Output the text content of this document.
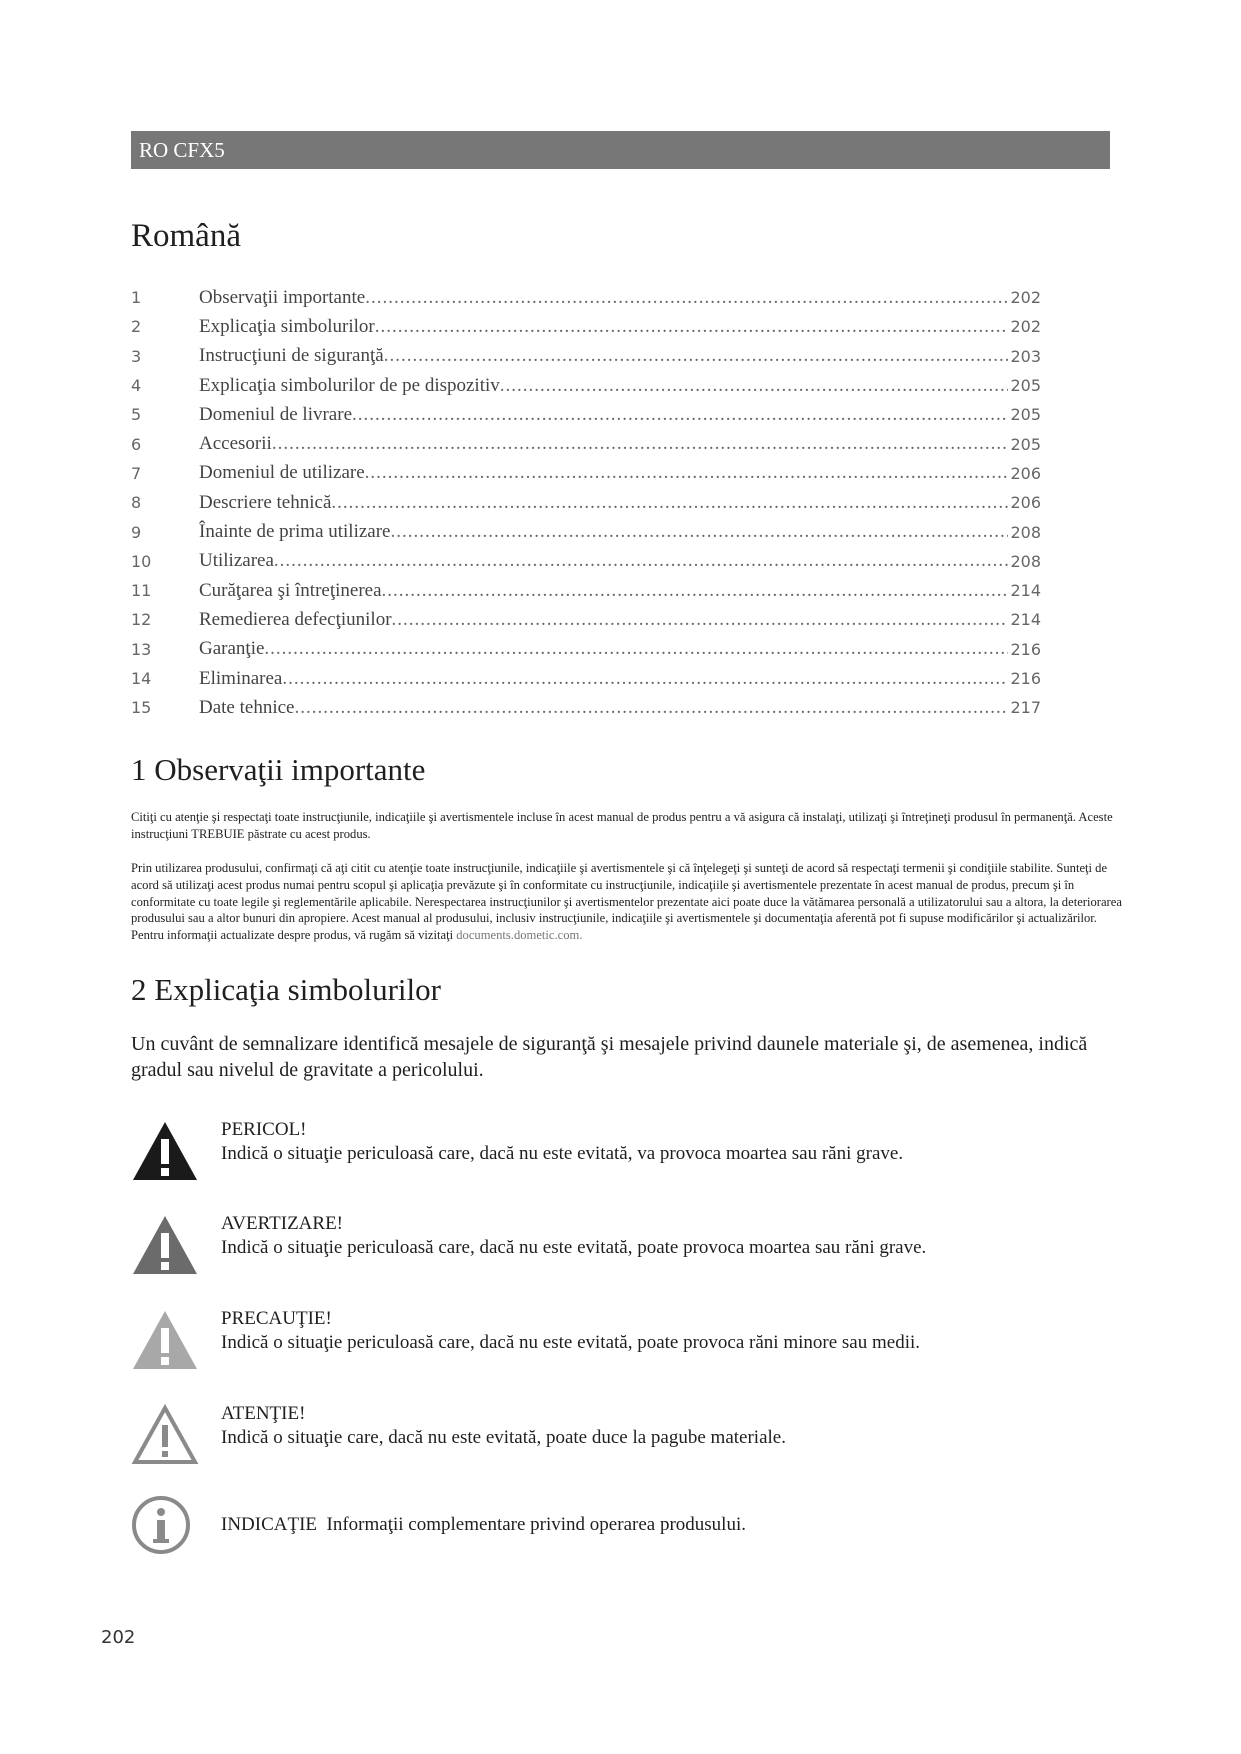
RO CFX5
Română
1	Observaţii importante .....	202
2	Explicaţia simbolurilor .....	202
3	Instrucţiuni de siguranţă .....	203
4	Explicaţia simbolurilor de pe dispozitiv .....	205
5	Domeniul de livrare .....	205
6	Accesorii .....	205
7	Domeniul de utilizare .....	206
8	Descriere tehnică .....	206
9	Înainte de prima utilizare .....	208
10	Utilizarea .....	208
11	Curăţarea şi întreţinerea .....	214
12	Remedierea defecţiunilor .....	214
13	Garanţie .....	216
14	Eliminarea .....	216
15	Date tehnice .....	217
1 Observaţii importante

Citiţi cu atenţie şi respectaţi toate instrucţiunile, indicaţiile şi avertismentele incluse în acest manual de produs pentru a vă asigura că instalaţi, utilizaţi şi întreţineţi produsul în permanenţă. Aceste instrucţiuni TREBUIE păstrate cu acest produs.

Prin utilizarea produsului, confirmaţi că aţi citit cu atenţie toate instrucţiunile, indicaţiile şi avertismentele şi că înţelegeţi şi sunteţi de acord să respectaţi termenii şi condiţiile stabilite. Sunteţi de acord să utilizaţi acest produs numai pentru scopul şi aplicaţia prevăzute şi în conformitate cu instrucţiunile, indicaţiile şi avertismentele prezentate în acest manual de produs, precum şi în conformitate cu toate legile şi reglementările aplicabile. Nerespectarea instrucţiunilor şi avertismentelor prezentate aici poate duce la vătămarea personală a utilizatorului sau a altora, la deteriorarea produsului sau a altor bunuri din apropiere. Acest manual al produsului, inclusiv instrucţiunile, indicaţiile şi avertismentele şi documentaţia aferentă pot fi supuse modificărilor şi actualizărilor. Pentru informaţii actualizate despre produs, vă rugăm să vizitaţi documents.dometic.com.

2 Explicaţia simbolurilor

Un cuvânt de semnalizare identifică mesajele de siguranţă şi mesajele privind daunele materiale şi, de asemenea, indică gradul sau nivelul de gravitate a pericolului.

PERICOL!
Indică o situaţie periculoasă care, dacă nu este evitată, va provoca moartea sau răni grave.
AVERTIZARE!
Indică o situaţie periculoasă care, dacă nu este evitată, poate provoca moartea sau răni grave.
PRECAUŢIE!
Indică o situaţie periculoasă care, dacă nu este evitată, poate provoca răni minore sau medii.
ATENŢIE!
Indică o situaţie care, dacă nu este evitată, poate duce la pagube materiale.
INDICAŢIE Informaţii complementare privind operarea produsului.
202
